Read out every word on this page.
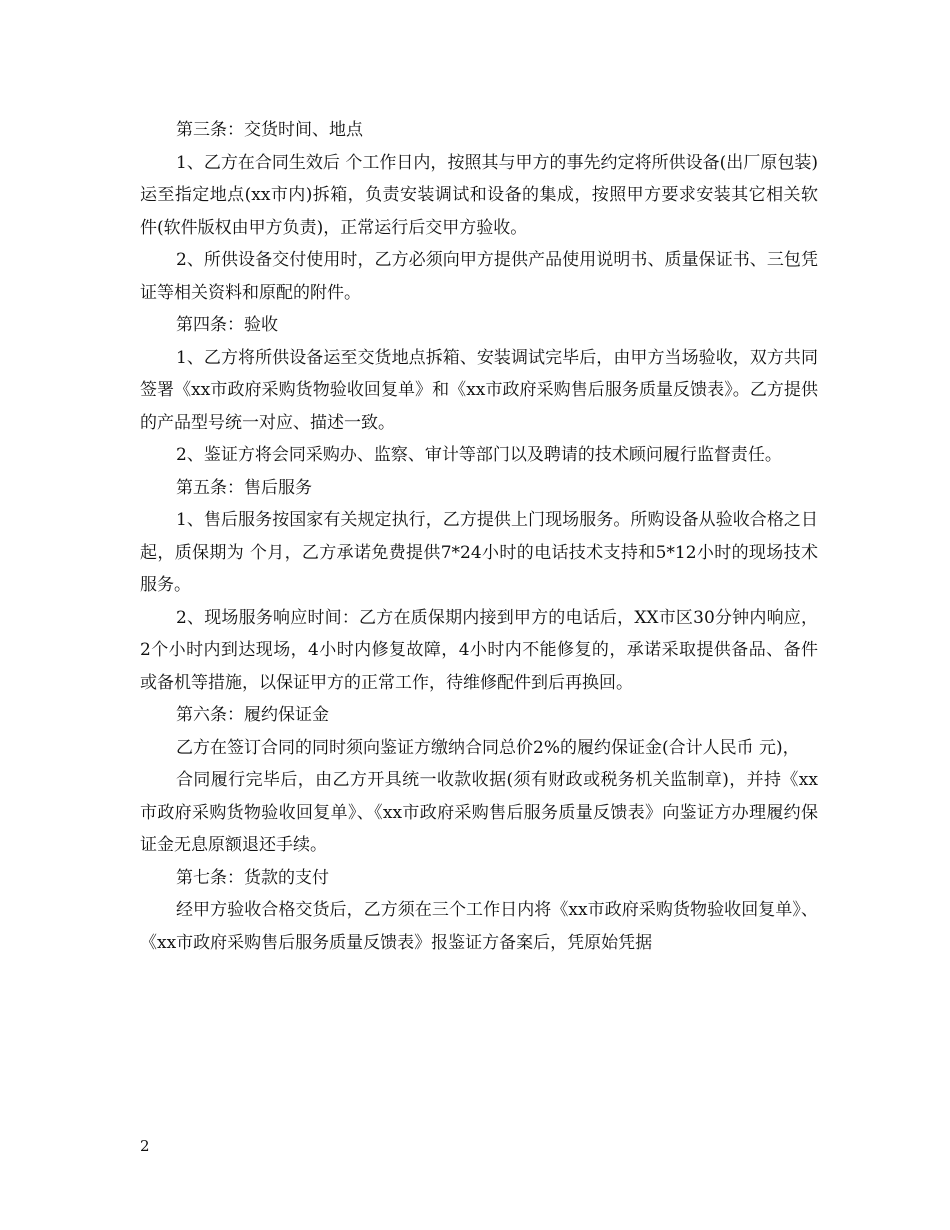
第三条：交货时间、地点

1、乙方在合同生效后 个工作日内，按照其与甲方的事先约定将所供设备(出厂原包装)运至指定地点(xx市内)拆箱，负责安装调试和设备的集成，按照甲方要求安装其它相关软件(软件版权由甲方负责)，正常运行后交甲方验收。

2、所供设备交付使用时，乙方必须向甲方提供产品使用说明书、质量保证书、三包凭证等相关资料和原配的附件。

第四条：验收

1、乙方将所供设备运至交货地点拆箱、安装调试完毕后，由甲方当场验收，双方共同签署《xx市政府采购货物验收回复单》和《xx市政府采购售后服务质量反馈表》。乙方提供的产品型号统一对应、描述一致。

2、鉴证方将会同采购办、监察、审计等部门以及聘请的技术顾问履行监督责任。

第五条：售后服务

1、售后服务按国家有关规定执行，乙方提供上门现场服务。所购设备从验收合格之日起，质保期为 个月，乙方承诺免费提供7*24小时的电话技术支持和5*12小时的现场技术服务。

2、现场服务响应时间：乙方在质保期内接到甲方的电话后，XX市区30分钟内响应，2个小时内到达现场，4小时内修复故障，4小时内不能修复的，承诺采取提供备品、备件或备机等措施，以保证甲方的正常工作，待维修配件到后再换回。

第六条：履约保证金

乙方在签订合同的同时须向鉴证方缴纳合同总价2%的履约保证金(合计人民币 元)，

合同履行完毕后，由乙方开具统一收款收据(须有财政或税务机关监制章)，并持《xx市政府采购货物验收回复单》、《xx市政府采购售后服务质量反馈表》向鉴证方办理履约保证金无息原额退还手续。

第七条：货款的支付

经甲方验收合格交货后，乙方须在三个工作日内将《xx市政府采购货物验收回复单》、《xx市政府采购售后服务质量反馈表》报鉴证方备案后，凭原始凭据

2
